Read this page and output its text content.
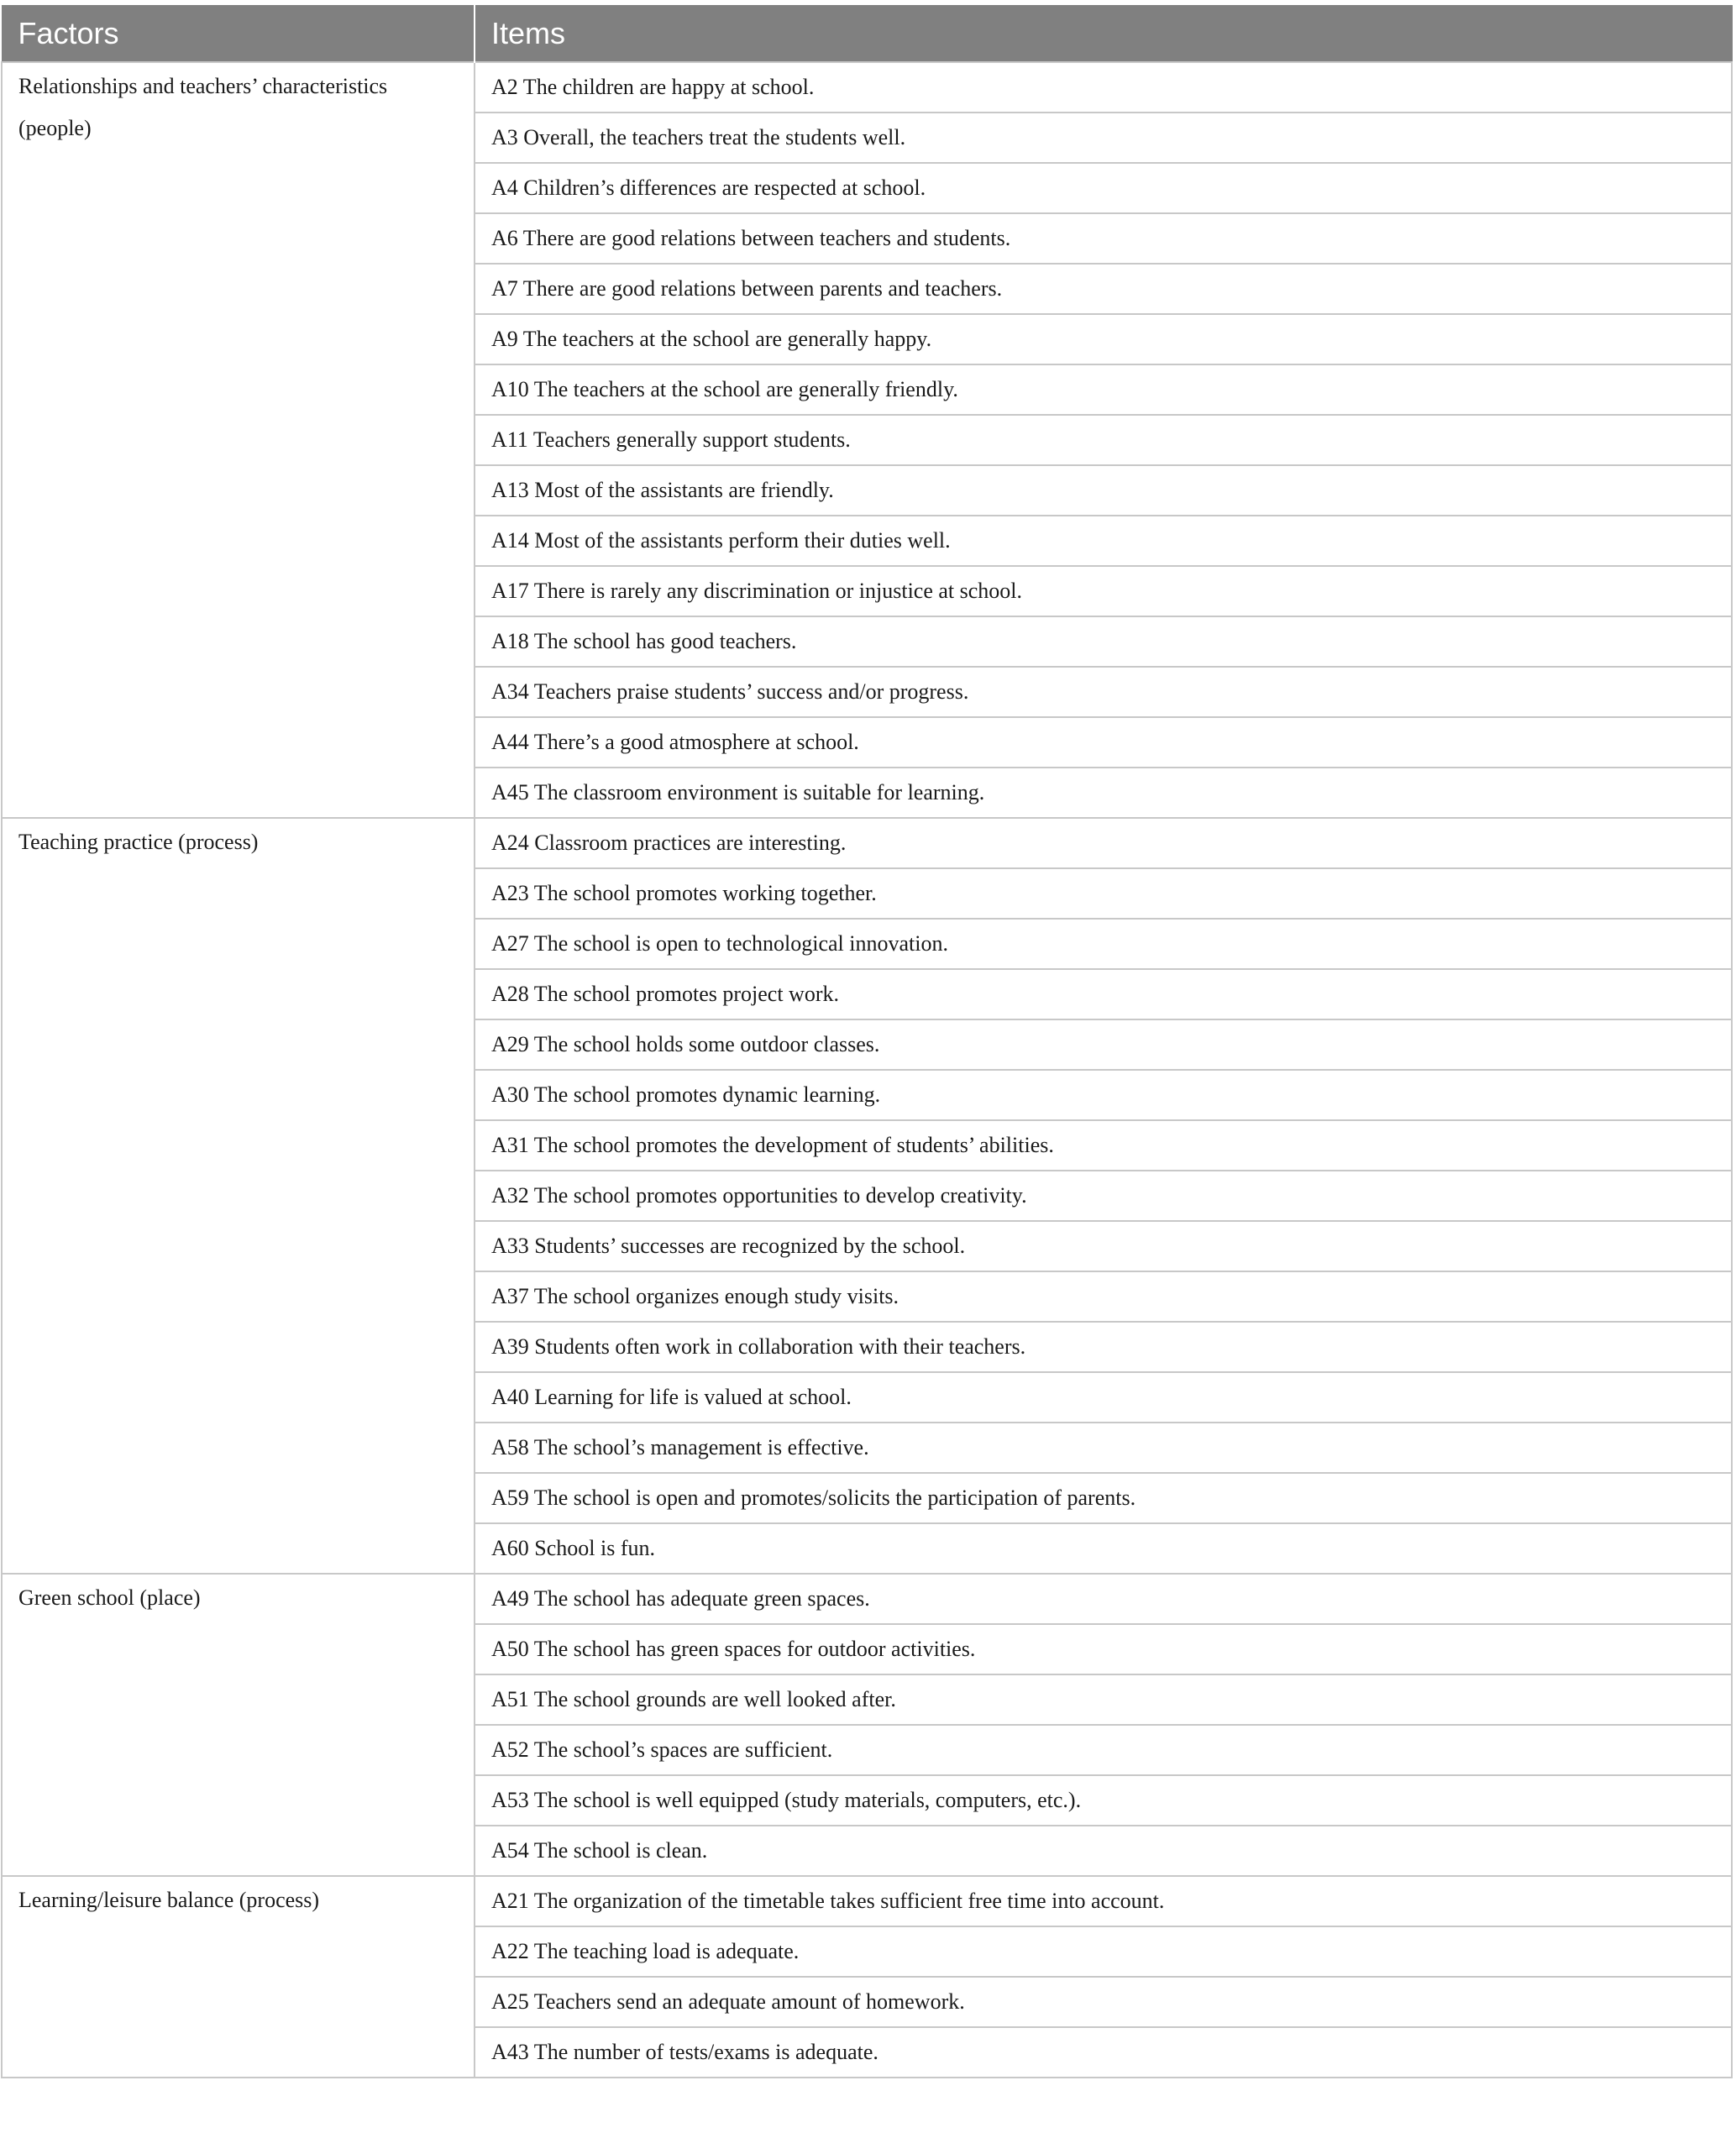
Factors	Items

Relationships and teachers’ characteristics (people)	A2 The children are happy at school.
	A3 Overall, the teachers treat the students well.
	A4 Children’s differences are respected at school.
	A6 There are good relations between teachers and students.
	A7 There are good relations between parents and teachers.
	A9 The teachers at the school are generally happy.
	A10 The teachers at the school are generally friendly.
	A11 Teachers generally support students.
	A13 Most of the assistants are friendly.
	A14 Most of the assistants perform their duties well.
	A17 There is rarely any discrimination or injustice at school.
	A18 The school has good teachers.
	A34 Teachers praise students’ success and/or progress.
	A44 There’s a good atmosphere at school.
	A45 The classroom environment is suitable for learning.

Teaching practice (process)	A24 Classroom practices are interesting.
	A23 The school promotes working together.
	A27 The school is open to technological innovation.
	A28 The school promotes project work.
	A29 The school holds some outdoor classes.
	A30 The school promotes dynamic learning.
	A31 The school promotes the development of students’ abilities.
	A32 The school promotes opportunities to develop creativity.
	A33 Students’ successes are recognized by the school.
	A37 The school organizes enough study visits.
	A39 Students often work in collaboration with their teachers.
	A40 Learning for life is valued at school.
	A58 The school’s management is effective.
	A59 The school is open and promotes/solicits the participation of parents.
	A60 School is fun.

Green school (place)	A49 The school has adequate green spaces.
	A50 The school has green spaces for outdoor activities.
	A51 The school grounds are well looked after.
	A52 The school’s spaces are sufficient.
	A53 The school is well equipped (study materials, computers, etc.).
	A54 The school is clean.

Learning/leisure balance (process)	A21 The organization of the timetable takes sufficient free time into account.
	A22 The teaching load is adequate.
	A25 Teachers send an adequate amount of homework.
	A43 The number of tests/exams is adequate.
